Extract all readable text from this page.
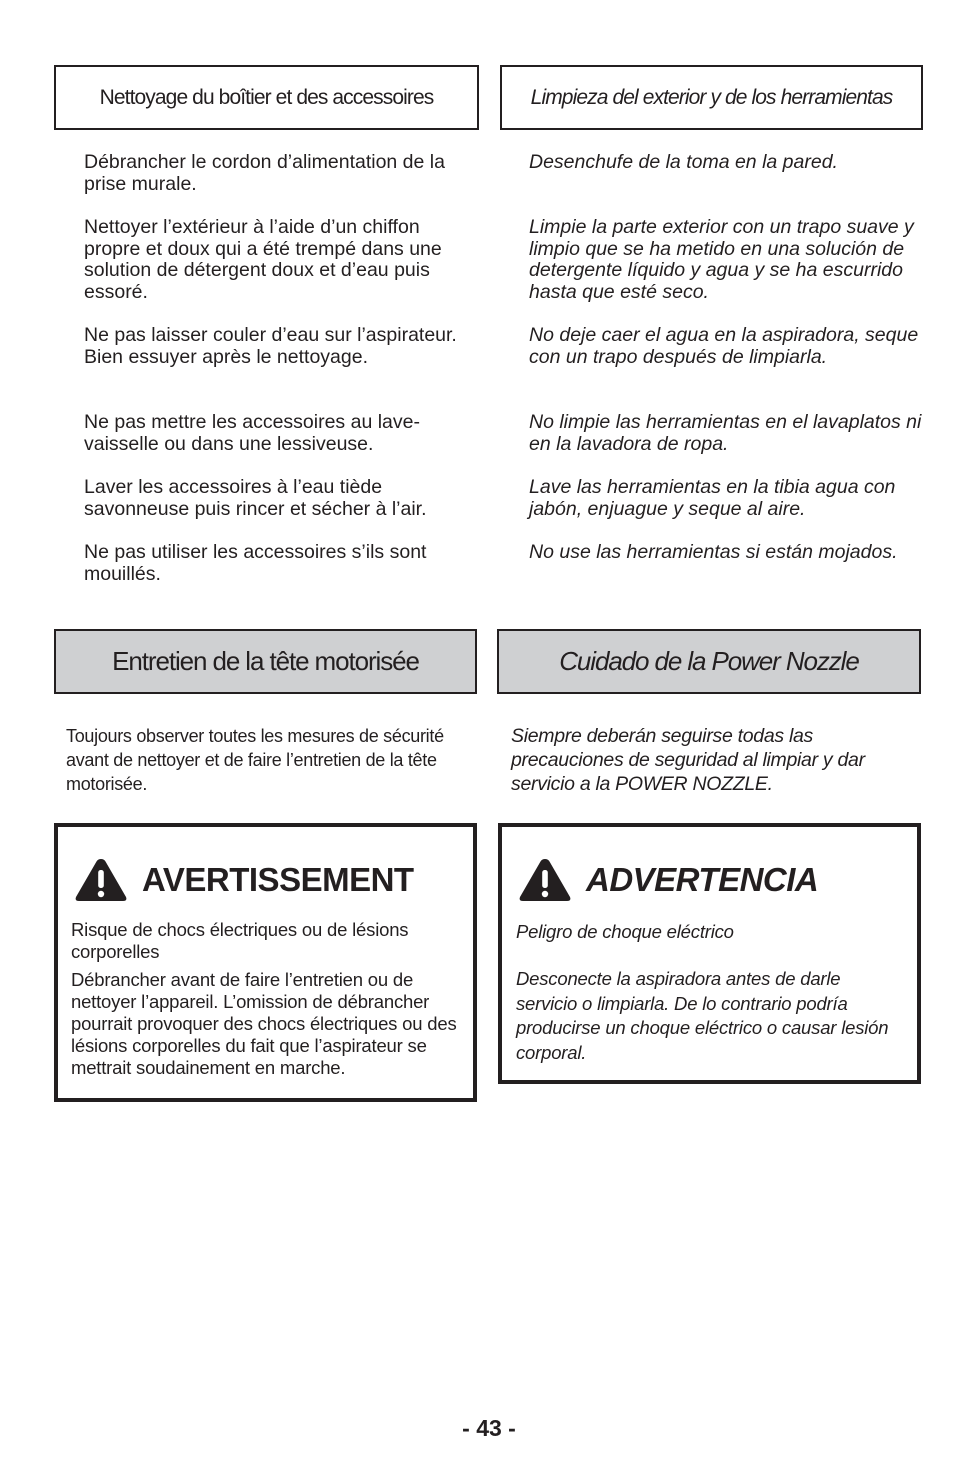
Nettoyage du boîtier et des accessoires	Limpieza del exterior y de los herramientas

Débrancher le cordon d’alimentation de la prise murale.

Nettoyer l’extérieur à l’aide d’un chiffon propre et doux qui a été trempé dans une solution de détergent doux et d’eau puis essoré.

Ne pas laisser couler d’eau sur l’aspirateur. Bien essuyer après le nettoyage.

Ne pas mettre les accessoires au lave-vaisselle ou dans une lessiveuse.

Laver les accessoires à l’eau tiède savonneuse puis rincer et sécher à l’air.

Ne pas utiliser les accessoires s’ils sont mouillés.

Desenchufe de la toma en la pared.

Limpie la parte exterior con un trapo suave y limpio que se ha metido en una solución de detergente líquido y agua y se ha escurrido hasta que esté seco.

No deje caer el agua en la aspiradora, seque con un trapo después de limpiarla.

No limpie las herramientas en el lavaplatos ni en la lavadora de ropa.

Lave las herramientas en la tibia agua con jabón, enjuague y seque al aire.

No use las herramientas si están mojados.

Entretien de la tête motorisée	Cuidado de la Power Nozzle

Toujours observer toutes les mesures de sécurité avant de nettoyer et de faire l’entretien de la tête motorisée.

Siempre deberán seguirse todas las precauciones de seguridad al limpiar y dar servicio a la POWER NOZZLE.

AVERTISSEMENT

Risque de chocs électriques ou de lésions corporelles

Débrancher avant de faire l’entretien ou de nettoyer l’appareil. L’omission de débrancher pourrait provoquer des chocs électriques ou des lésions corporelles du fait que l’aspirateur se mettrait soudainement en marche.

ADVERTENCIA

Peligro de choque eléctrico

Desconecte la aspiradora antes de darle servicio o limpiarla. De lo contrario podría producirse un choque eléctrico o causar lesión corporal.

- 43 -
